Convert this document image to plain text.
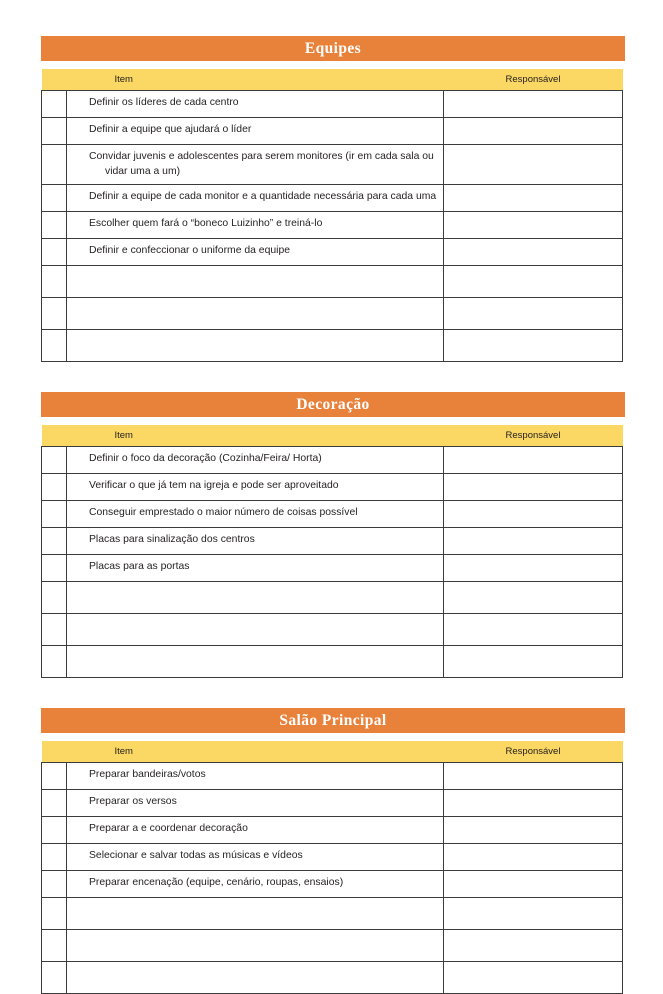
Equipes
	Item	Responsável

	Definir os líderes de cada centro	

	Definir a equipe que ajudará o líder	

	Convidar juvenis e adolescentes para serem monitores (ir em cada sala ou vidar uma a um)	

	Definir a equipe de cada monitor e a quantidade necessária para cada uma	

	Escolher quem fará o “boneco Luizinho” e treiná-lo	

	Definir e confeccionar o uniforme da equipe	

Decoração
	Item	Responsável

	Definir o foco da decoração (Cozinha/Feira/ Horta)	

	Verificar o que já tem na igreja e pode ser aproveitado	

	Conseguir emprestado o maior número de coisas possível	

	Placas para sinalização dos centros	

	Placas para as portas	

Salão Principal
	Item	Responsável

	Preparar bandeiras/votos	

	Preparar os versos	

	Preparar a e coordenar decoração	

	Selecionar e salvar todas as músicas e vídeos	

	Preparar encenação (equipe, cenário, roupas, ensaios)	
